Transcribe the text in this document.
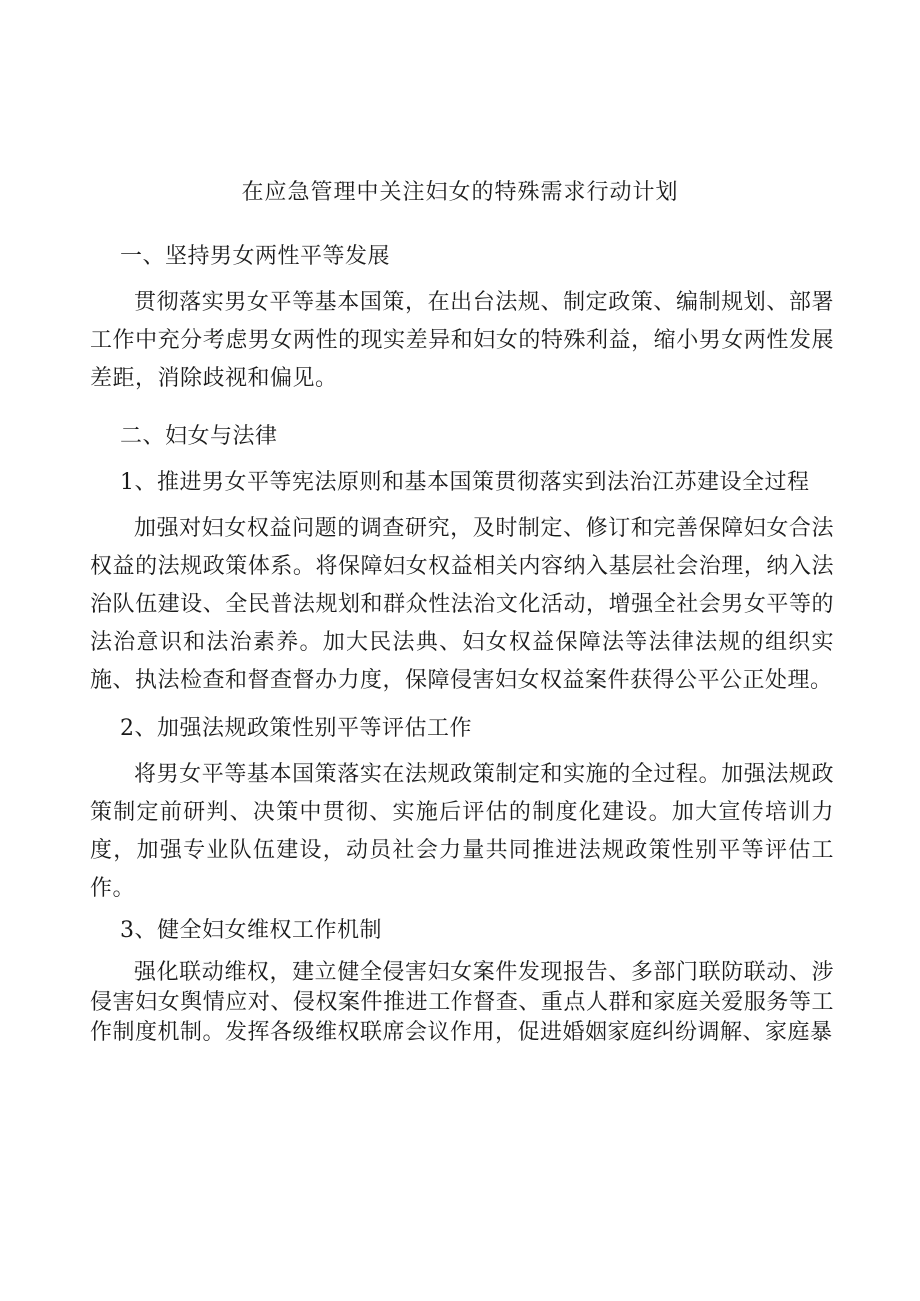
在应急管理中关注妇女的特殊需求行动计划

一、坚持男女两性平等发展

贯彻落实男女平等基本国策，在出台法规、制定政策、编制规划、部署工作中充分考虑男女两性的现实差异和妇女的特殊利益，缩小男女两性发展差距，消除歧视和偏见。

二、妇女与法律

1、推进男女平等宪法原则和基本国策贯彻落实到法治江苏建设全过程

加强对妇女权益问题的调查研究，及时制定、修订和完善保障妇女合法权益的法规政策体系。将保障妇女权益相关内容纳入基层社会治理，纳入法治队伍建设、全民普法规划和群众性法治文化活动，增强全社会男女平等的法治意识和法治素养。加大民法典、妇女权益保障法等法律法规的组织实施、执法检查和督查督办力度，保障侵害妇女权益案件获得公平公正处理。

2、加强法规政策性别平等评估工作

将男女平等基本国策落实在法规政策制定和实施的全过程。加强法规政策制定前研判、决策中贯彻、实施后评估的制度化建设。加大宣传培训力度，加强专业队伍建设，动员社会力量共同推进法规政策性别平等评估工作。

3、健全妇女维权工作机制

强化联动维权，建立健全侵害妇女案件发现报告、多部门联防联动、涉侵害妇女舆情应对、侵权案件推进工作督查、重点人群和家庭关爱服务等工作制度机制。发挥各级维权联席会议作用，促进婚姻家庭纠纷调解、家庭暴
